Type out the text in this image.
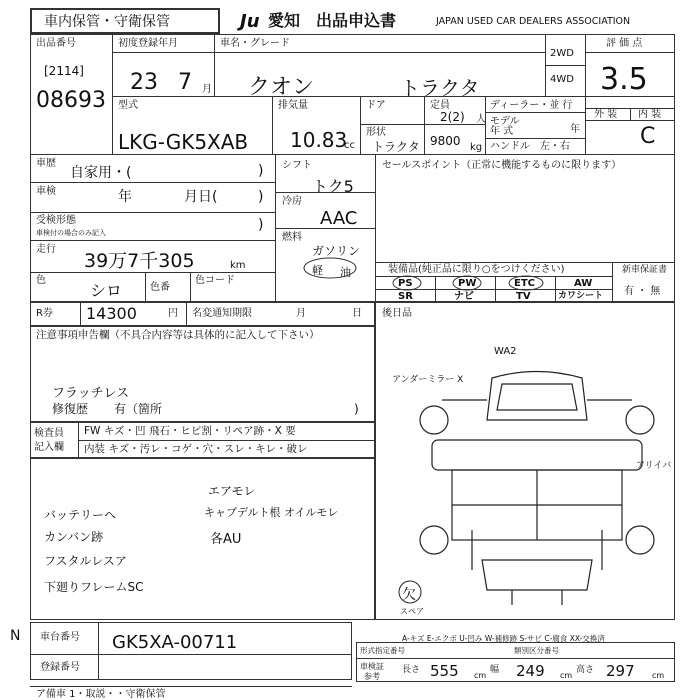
車内保管・守衛保管	Ju 愛知 出品申込書	JAPAN USED CAR DEALERS ASSOCIATION
出品番号
[2114]
08693
初度登録年月
23 7 月
車名・グレード
クオン	トラクタ
2WD
4WD
評 価 点
3.5
外 装 内 装
C
型式
LKG-GK5XAB
排気量
10.83
cc
ドア	定員
2(2) 人
形状
トラクタ 9800 kg
ディーラー・並 行
モデル
年 式	年
ハンドル 左・右
車歴
自家用・(	)
車検	年	月日(	)
受検形態
車検付の場合のみ記入	)
走行
39万7千305	km
色
シロ	色番
色コード
シフト
トク5
冷房
AAC
燃料
ガソリン
軽 油
セールスポイント（正常に機能するものに限ります）
装備品(純正品に限り○をつけください)	新車保証書
有 ・ 無
PS	PW	ETC	AW
SR	ナビ	TV	カワシート
R券 14300	円 名変通知期限	月	日 後日品
注意事項申告欄（不具合内容等は具体的に記入して下さい）
フラッチレス
修復歴 有（箇所	)
検査員
記入欄
FW キズ・凹 飛石・ヒビ割・リペア跡・X 要
内装 キズ・汚レ・コゲ・穴・スレ・キレ・破レ
エアモレ
バッテリーヘ	キャブデルト根 オイルモレ
カンバン跡	各AU
フスタルレスア
下廻りフレームSC
WA2
アンダーミラー X
アリイバ
欠
スペア
A-キズ E-エクボ U-凹み W-補修跡 S-サビ C-腐食 XX-交換済
N 車台番号 GK5XA-00711
登録番号
形式指定番号	類別区分番号
車検証
参考
長さ 555 cm
幅 249 cm
高さ 297 cm
ア備車 1・取説・・守衛保管
